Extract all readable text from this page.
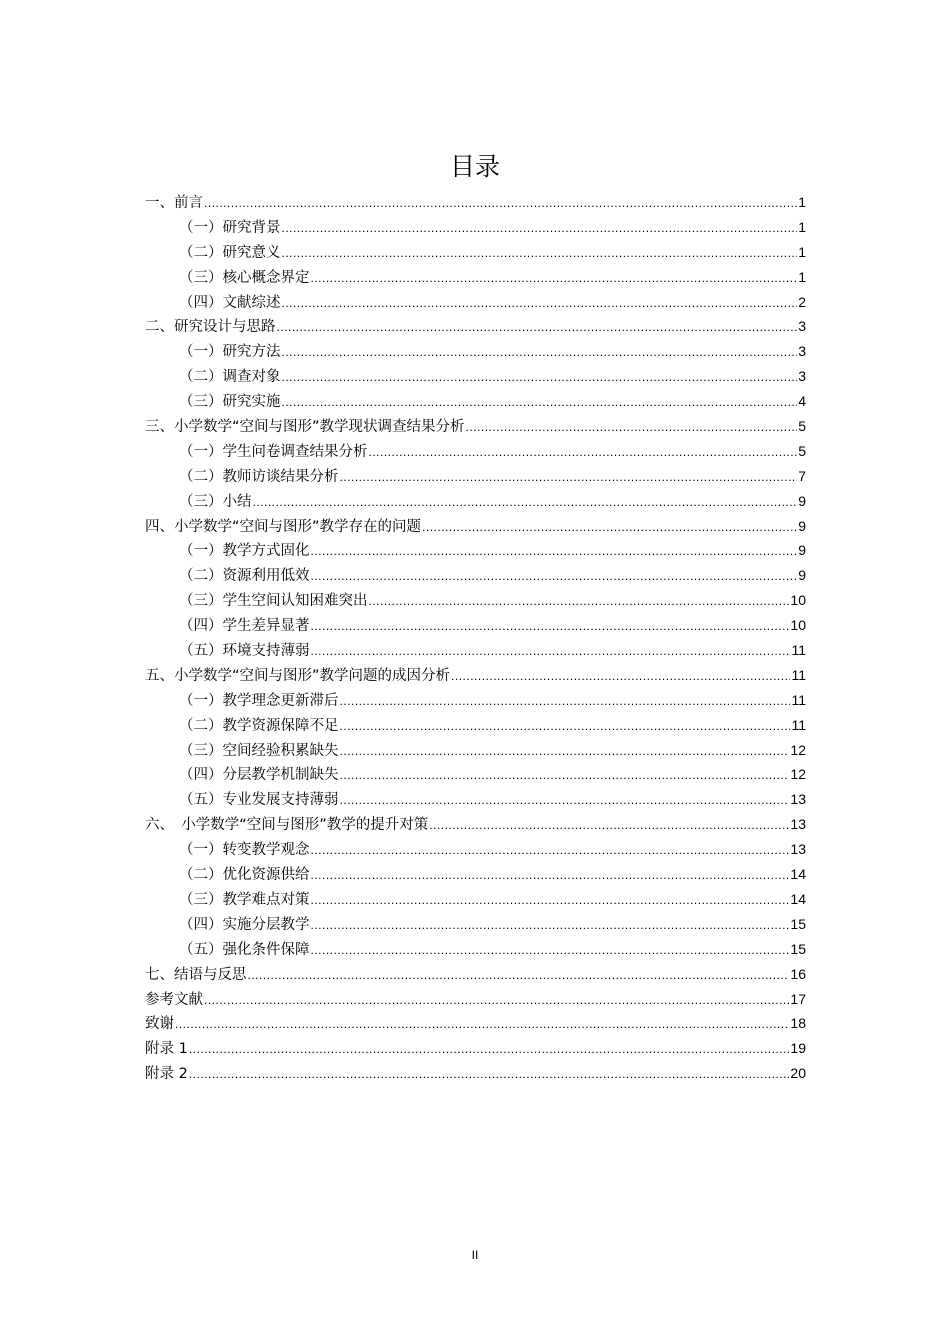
目录
一、前言 .....	1
（一）研究背景 .....	1
（二）研究意义 .....	1
（三）核心概念界定 .....	1
（四）文献综述 .....	2
二、研究设计与思路 .....	3
（一）研究方法 .....	3
（二）调查对象 .....	3
（三）研究实施 .....	4
三、小学数学“空间与图形”教学现状调查结果分析 .....	5
（一）学生问卷调查结果分析 .....	5
（二）教师访谈结果分析 .....	7
（三）小结 .....	9
四、小学数学“空间与图形”教学存在的问题 .....	9
（一）教学方式固化 .....	9
（二）资源利用低效 .....	9
（三）学生空间认知困难突出 .....	10
（四）学生差异显著 .....	10
（五）环境支持薄弱 .....	11
五、小学数学“空间与图形”教学问题的成因分析 .....	11
（一）教学理念更新滞后 .....	11
（二）教学资源保障不足 .....	11
（三）空间经验积累缺失 .....	12
（四）分层教学机制缺失 .....	12
（五）专业发展支持薄弱 .....	13
六、　小学数学“空间与图形”教学的提升对策 .....	13
（一）转变教学观念 .....	13
（二）优化资源供给 .....	14
（三）教学难点对策 .....	14
（四）实施分层教学 .....	15
（五）强化条件保障 .....	15
七、结语与反思 .....	16
参考文献 .....	17
致谢 .....	18
附录 1 .....	19
附录 2 .....	20
II
